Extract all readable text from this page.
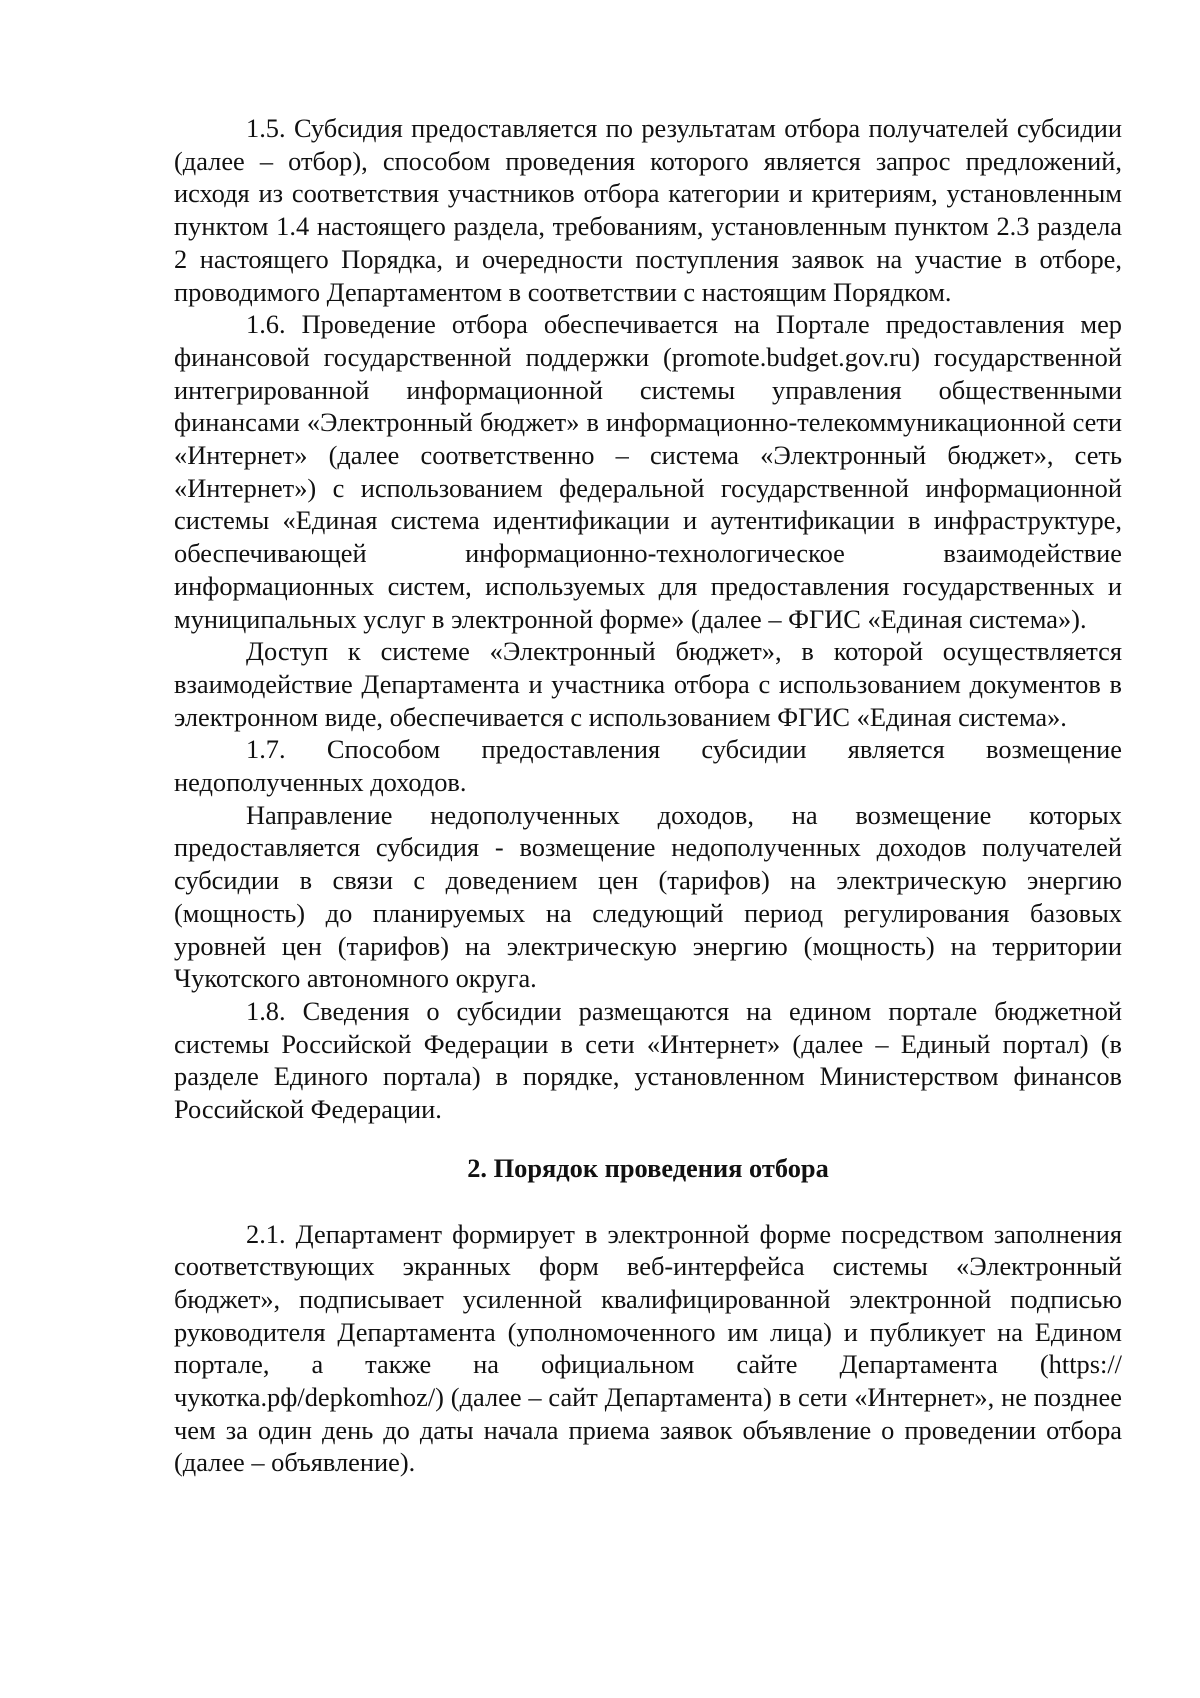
1.5. Субсидия предоставляется по результатам отбора получателей субсидии (далее – отбор), способом проведения которого является запрос предложений, исходя из соответствия участников отбора категории и критериям, установленным пунктом 1.4 настоящего раздела, требованиям, установленным пунктом 2.3 раздела 2 настоящего Порядка, и очередности поступления заявок на участие в отборе, проводимого Департаментом в соответствии с настоящим Порядком.

1.6. Проведение отбора обеспечивается на Портале предоставления мер финансовой государственной поддержки (promote.budget.gov.ru) государственной интегрированной информационной системы управления общественными финансами «Электронный бюджет» в информационно-телекоммуникационной сети «Интернет» (далее соответственно – система «Электронный бюджет», сеть «Интернет») с использованием федеральной государственной информационной системы «Единая система идентификации и аутентификации в инфраструктуре, обеспечивающей информационно-технологическое взаимодействие информационных систем, используемых для предоставления государственных и муниципальных услуг в электронной форме» (далее – ФГИС «Единая система»).

Доступ к системе «Электронный бюджет», в которой осуществляется взаимодействие Департамента и участника отбора с использованием документов в электронном виде, обеспечивается с использованием ФГИС «Единая система».

1.7. Способом предоставления субсидии является возмещение недополученных доходов.

Направление недополученных доходов, на возмещение которых предоставляется субсидия - возмещение недополученных доходов получателей субсидии в связи с доведением цен (тарифов) на электрическую энергию (мощность) до планируемых на следующий период регулирования базовых уровней цен (тарифов) на электрическую энергию (мощность) на территории Чукотского автономного округа.

1.8. Сведения о субсидии размещаются на едином портале бюджетной системы Российской Федерации в сети «Интернет» (далее – Единый портал) (в разделе Единого портала) в порядке, установленном Министерством финансов Российской Федерации.

2. Порядок проведения отбора

2.1. Департамент формирует в электронной форме посредством заполнения соответствующих экранных форм веб-интерфейса системы «Электронный бюджет», подписывает усиленной квалифицированной электронной подписью руководителя Департамента (уполномоченного им лица) и публикует на Едином портале, а также на официальном сайте Департамента (https://чукотка.рф/depkomhoz/) (далее – сайт Департамента) в сети «Интернет», не позднее чем за один день до даты начала приема заявок объявление о проведении отбора (далее – объявление).
